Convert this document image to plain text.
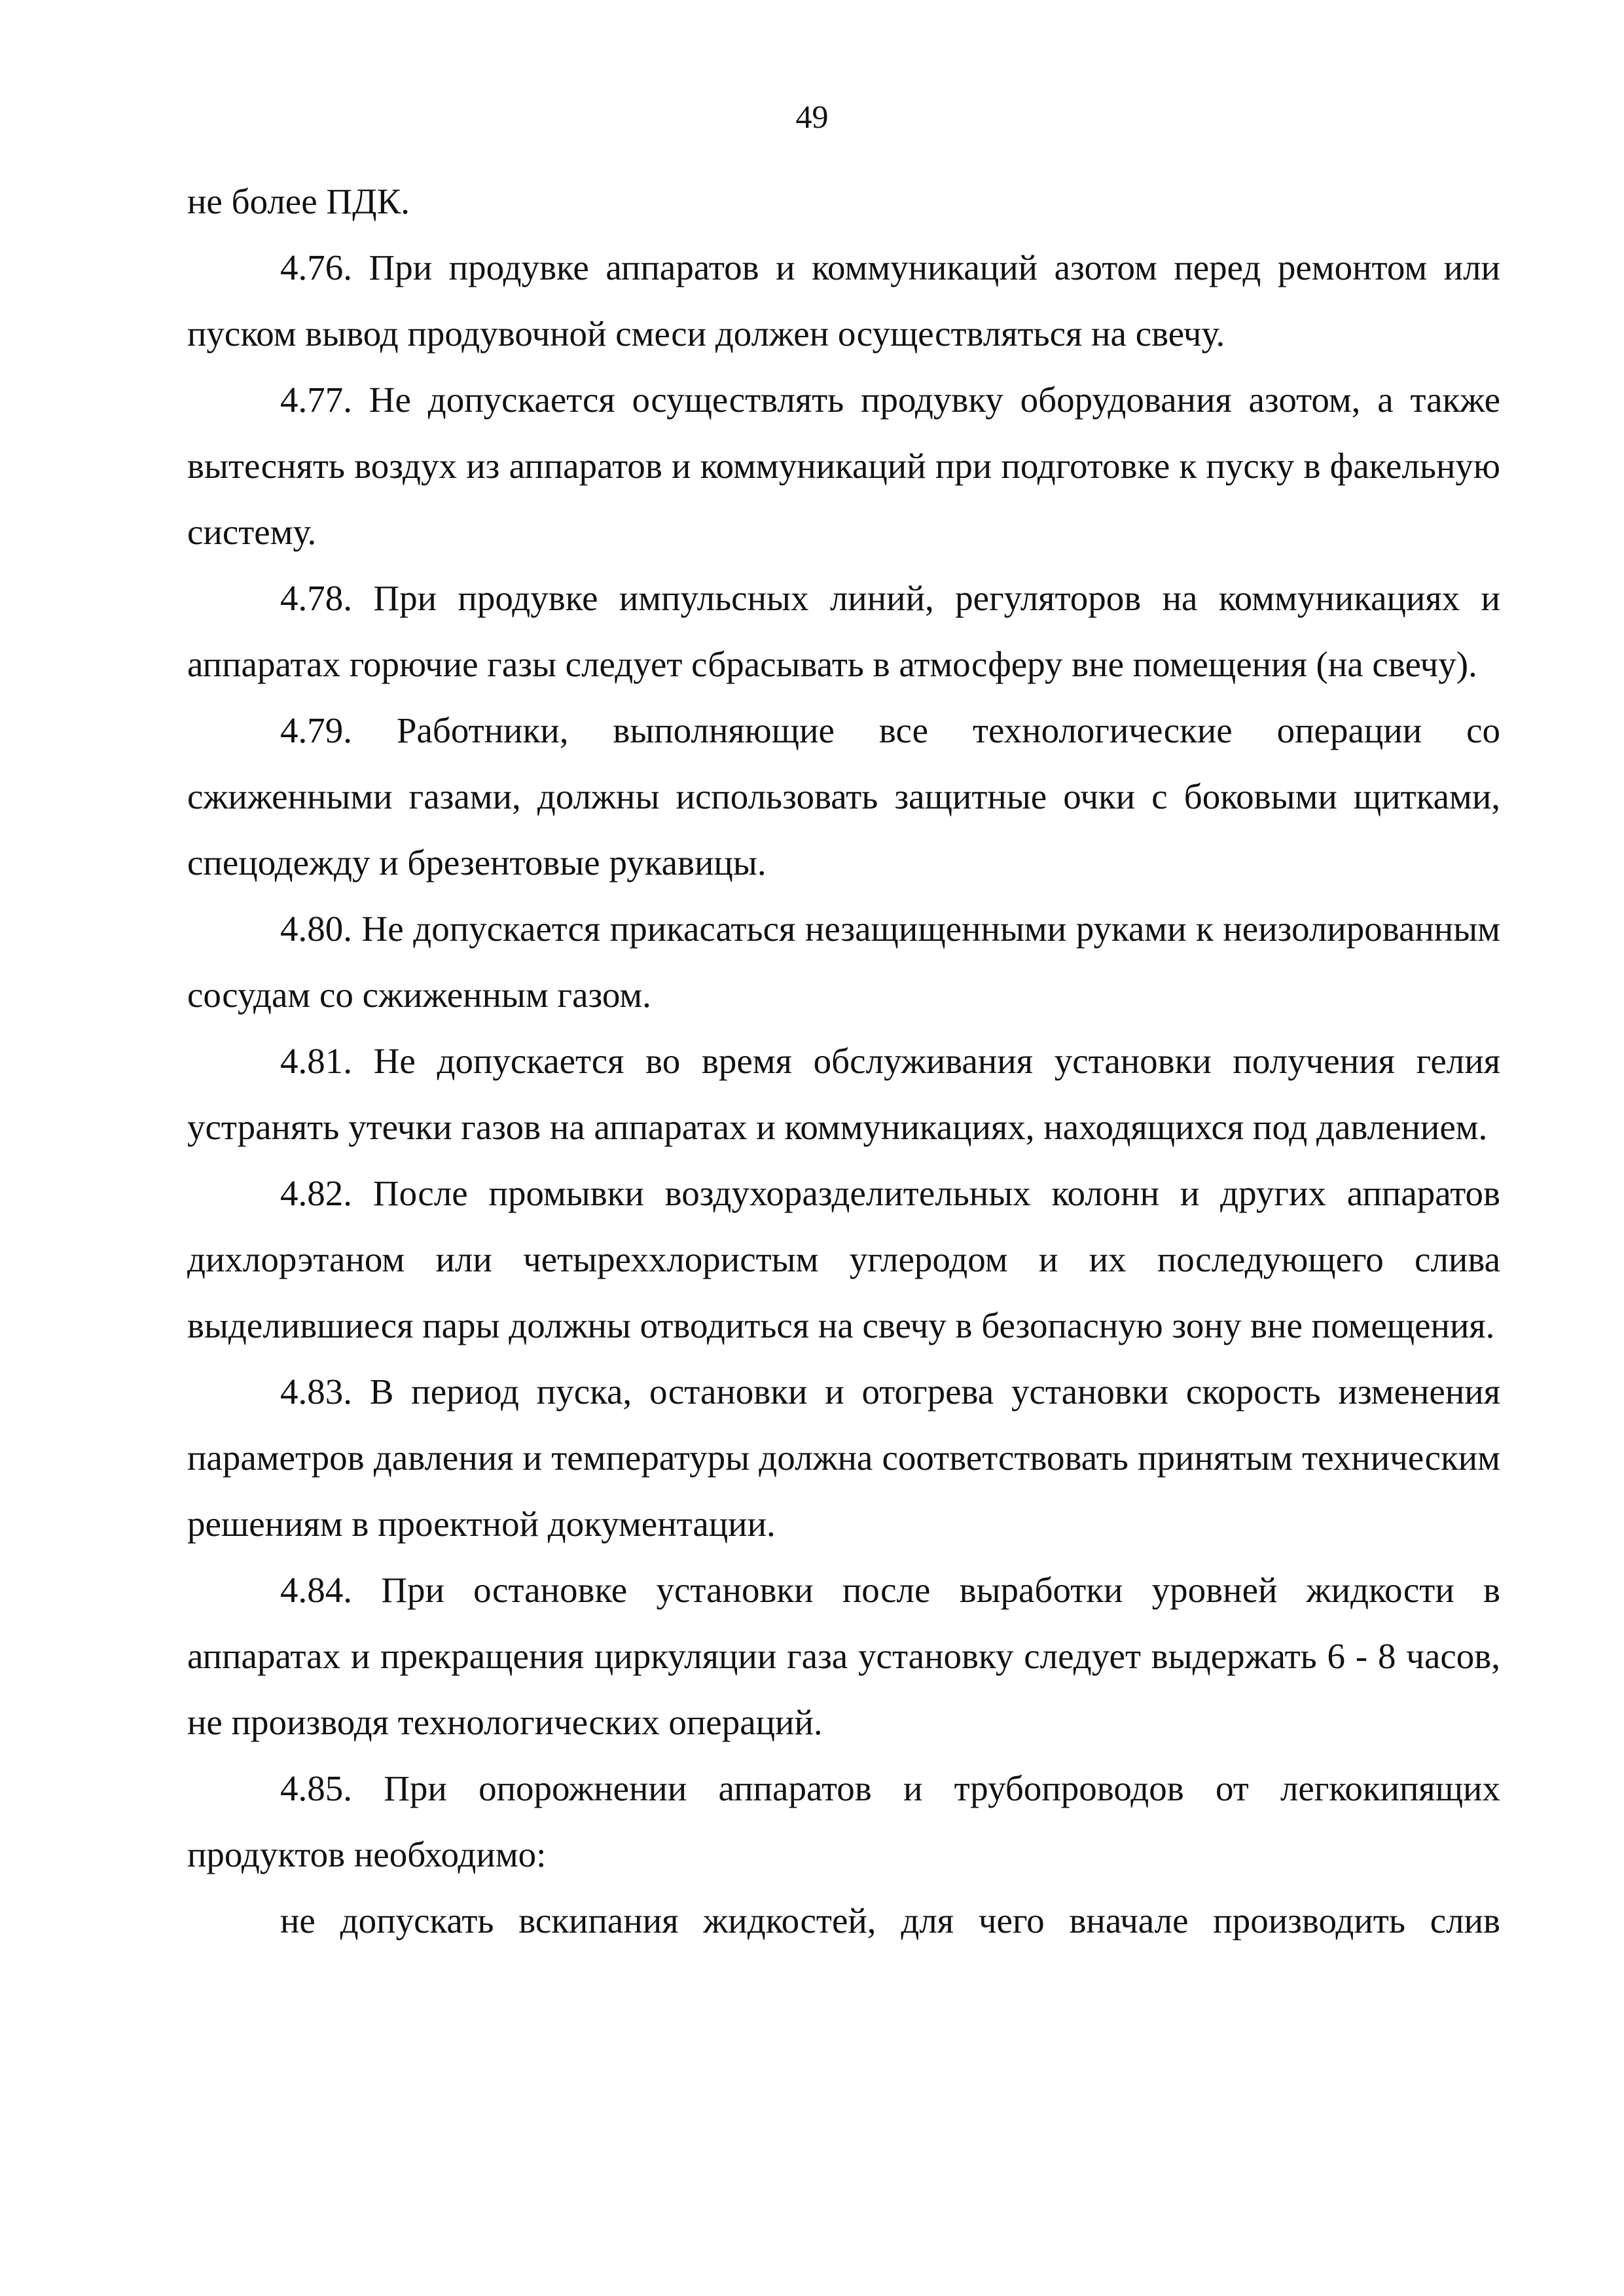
49

не более ПДК.

4.76. При продувке аппаратов и коммуникаций азотом перед ремонтом или пуском вывод продувочной смеси должен осуществляться на свечу.

4.77. Не допускается осуществлять продувку оборудования азотом, а также вытеснять воздух из аппаратов и коммуникаций при подготовке к пуску в факельную систему.

4.78. При продувке импульсных линий, регуляторов на коммуникациях и аппаратах горючие газы следует сбрасывать в атмосферу вне помещения (на свечу).

4.79. Работники, выполняющие все технологические операции со сжиженными газами, должны использовать защитные очки с боковыми щитками, спецодежду и брезентовые рукавицы.

4.80. Не допускается прикасаться незащищенными руками к неизолированным сосудам со сжиженным газом.

4.81. Не допускается во время обслуживания установки получения гелия устранять утечки газов на аппаратах и коммуникациях, находящихся под давлением.

4.82. После промывки воздухоразделительных колонн и других аппаратов дихлорэтаном или четыреххлористым углеродом и их последующего слива выделившиеся пары должны отводиться на свечу в безопасную зону вне помещения.

4.83. В период пуска, остановки и отогрева установки скорость изменения параметров давления и температуры должна соответствовать принятым техническим решениям в проектной документации.

4.84. При остановке установки после выработки уровней жидкости в аппаратах и прекращения циркуляции газа установку следует выдержать 6 - 8 часов, не производя технологических операций.

4.85. При опорожнении аппаратов и трубопроводов от легкокипящих продуктов необходимо:

не допускать вскипания жидкостей, для чего вначале производить слив
